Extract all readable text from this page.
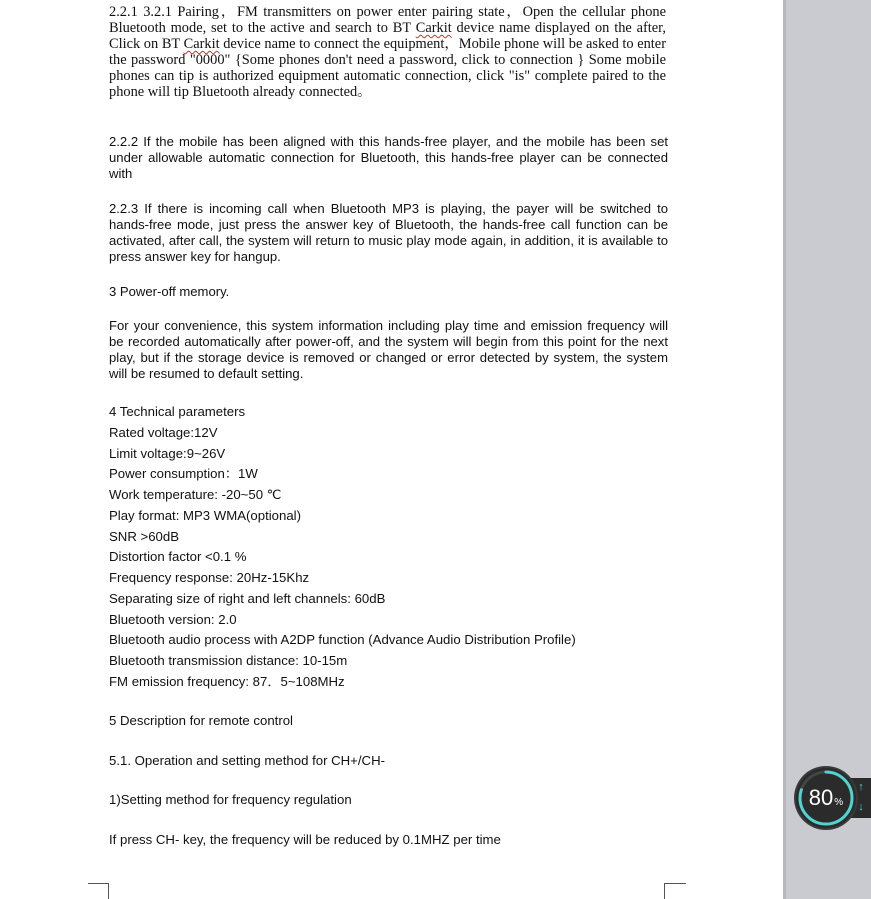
2.2.1 3.2.1 Pairing，FM transmitters on power enter pairing state，Open the cellular phone Bluetooth mode, set to the active and search to BT Carkit device name displayed on the after, Click on BT Carkit device name to connect the equipment，Mobile phone will be asked to enter the password "0000" {Some phones don't need a password, click to connection } Some mobile phones can tip is authorized equipment automatic connection, click "is" complete paired to the phone will tip Bluetooth already connected。
2.2.2 If the mobile has been aligned with this hands-free player, and the mobile has been set under allowable automatic connection for Bluetooth, this hands-free player can be connected with
2.2.3 If there is incoming call when Bluetooth MP3 is playing, the payer will be switched to hands-free mode, just press the answer key of Bluetooth, the hands-free call function can be activated, after call, the system will return to music play mode again, in addition, it is available to press answer key for hangup.
3 Power-off memory.
For your convenience, this system information including play time and emission frequency will be recorded automatically after power-off, and the system will begin from this point for the next play, but if the storage device is removed or changed or error detected by system, the system will be resumed to default setting.
4 Technical parameters
Rated voltage:12V
Limit voltage:9~26V
Power consumption：1W
Work temperature: -20~50 ℃
Play format: MP3 WMA(optional)
SNR >60dB
Distortion factor <0.1 %
Frequency response: 20Hz-15Khz
Separating size of right and left channels: 60dB
Bluetooth version: 2.0
Bluetooth audio process with A2DP function (Advance Audio Distribution Profile)
Bluetooth transmission distance: 10-15m
FM emission frequency: 87．5~108MHz
5 Description for remote control
5.1. Operation and setting method for CH+/CH-
1)Setting method for frequency regulation
If press CH- key, the frequency will be reduced by 0.1MHZ per time
↑
↓
80 %
